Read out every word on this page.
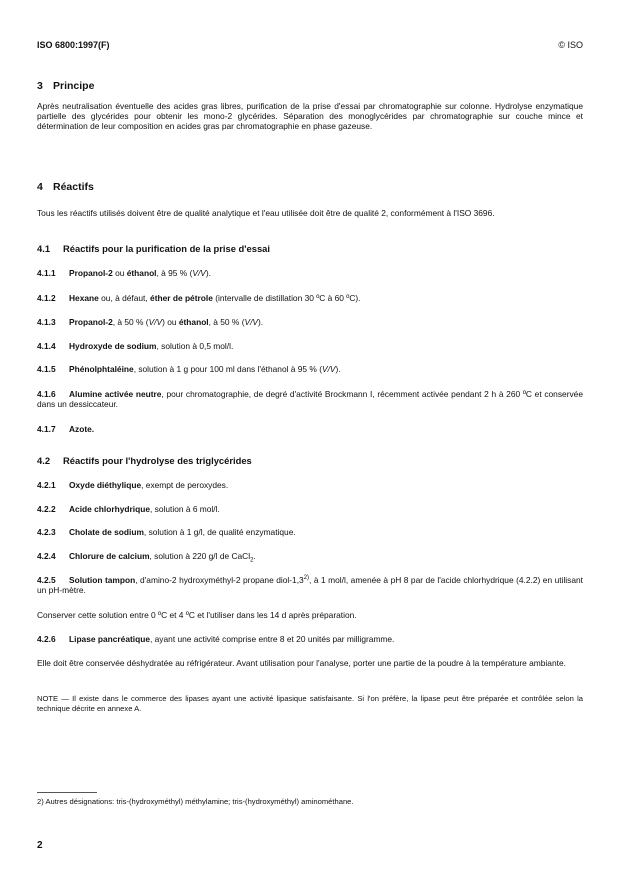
ISO 6800:1997(F)	© ISO
3 Principe
Après neutralisation éventuelle des acides gras libres, purification de la prise d'essai par chromatographie sur colonne. Hydrolyse enzymatique partielle des glycérides pour obtenir les mono-2 glycérides. Séparation des monoglycérides par chromatographie sur couche mince et détermination de leur composition en acides gras par chromatographie en phase gazeuse.
4 Réactifs
Tous les réactifs utilisés doivent être de qualité analytique et l'eau utilisée doit être de qualité 2, conformément à l'ISO 3696.
4.1 Réactifs pour la purification de la prise d'essai
4.1.1 Propanol-2 ou éthanol, à 95 % (V/V).
4.1.2 Hexane ou, à défaut, éther de pétrole (intervalle de distillation 30 ºC à 60 ºC).
4.1.3 Propanol-2, à 50 % (V/V) ou éthanol, à 50 % (V/V).
4.1.4 Hydroxyde de sodium, solution à 0,5 mol/l.
4.1.5 Phénolphtaléine, solution à 1 g pour 100 ml dans l'éthanol à 95 % (V/V).
4.1.6 Alumine activée neutre, pour chromatographie, de degré d'activité Brockmann I, récemment activée pendant 2 h à 260 ºC et conservée dans un dessiccateur.
4.1.7 Azote.
4.2 Réactifs pour l'hydrolyse des triglycérides
4.2.1 Oxyde diéthylique, exempt de peroxydes.
4.2.2 Acide chlorhydrique, solution à 6 mol/l.
4.2.3 Cholate de sodium, solution à 1 g/l, de qualité enzymatique.
4.2.4 Chlorure de calcium, solution à 220 g/l de CaCl$_2$.
4.2.5 Solution tampon, d'amino-2 hydroxyméthyl-2 propane diol-1,3$^{2)}$, à 1 mol/l, amenée à pH 8 par de l'acide chlorhydrique (4.2.2) en utilisant un pH-mètre.
Conserver cette solution entre 0 ºC et 4 ºC et l'utiliser dans les 14 d après préparation.
4.2.6 Lipase pancréatique, ayant une activité comprise entre 8 et 20 unités par milligramme.
Elle doit être conservée déshydratée au réfrigérateur. Avant utilisation pour l'analyse, porter une partie de la poudre à la température ambiante.
NOTE — Il existe dans le commerce des lipases ayant une activité lipasique satisfaisante. Si l'on préfère, la lipase peut être préparée et contrôlée selon la technique décrite en annexe A.
2) Autres désignations: tris-(hydroxyméthyl) méthylamine; tris-(hydroxyméthyl) aminométhane.
2
